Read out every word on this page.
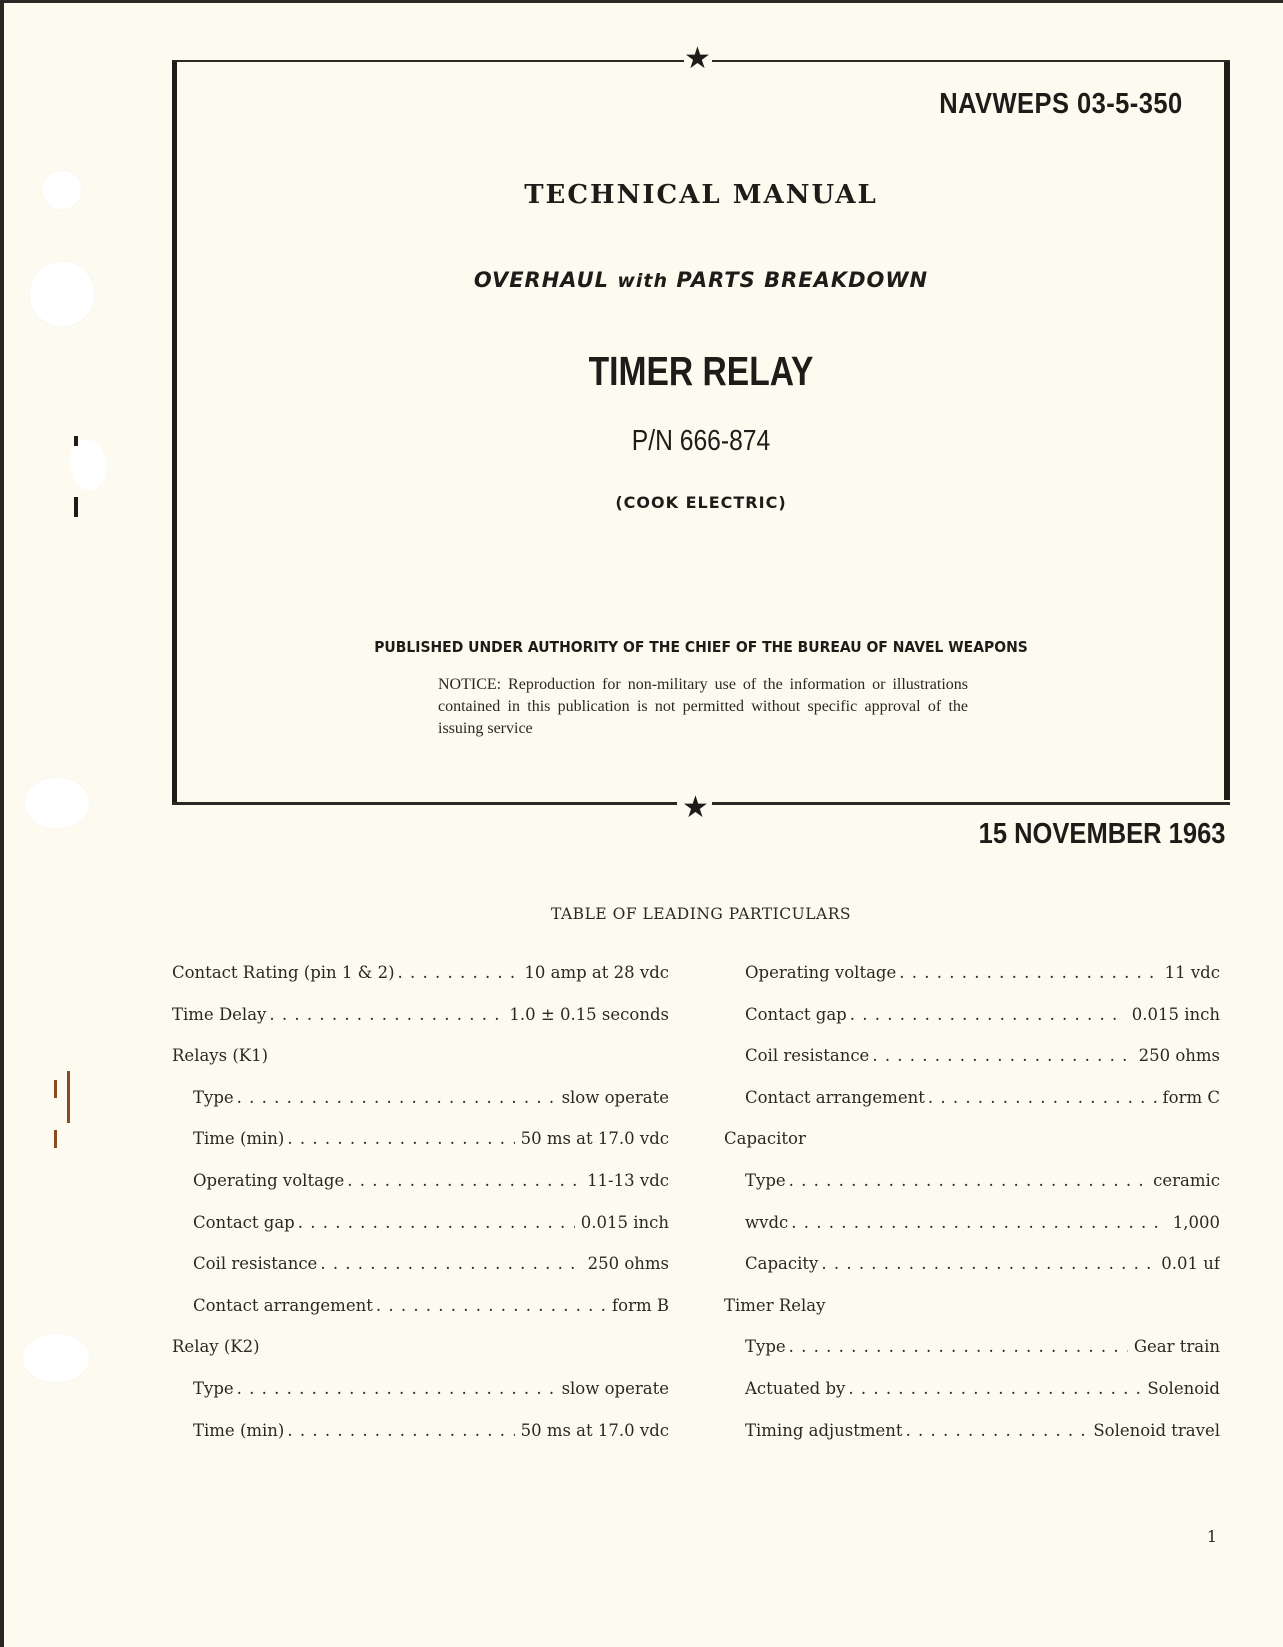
★
★
NAVWEPS 03-5-350
TECHNICAL MANUAL
OVERHAUL with PARTS BREAKDOWN
TIMER RELAY
P/N 666-874
(COOK ELECTRIC)
PUBLISHED UNDER AUTHORITY OF THE CHIEF OF THE BUREAU OF NAVEL WEAPONS
NOTICE: Reproduction for non-military use of the information or illustrations contained in this publication is not permitted without specific approval of the issuing service
15 NOVEMBER 1963
TABLE OF LEADING PARTICULARS
Contact Rating (pin 1 & 2) . . .	10 amp at 28 vdc
Time Delay . . .	1.0 ± 0.15 seconds
Relays (K1)
Type . . .	slow operate
Time (min) . . .	50 ms at 17.0 vdc
Operating voltage . . .	11-13 vdc
Contact gap . . .	0.015 inch
Coil resistance . . .	250 ohms
Contact arrangement . . .	form B
Relay (K2)
Type . . .	slow operate
Time (min) . . .	50 ms at 17.0 vdc
Operating voltage . . .	11 vdc
Contact gap . . .	0.015 inch
Coil resistance . . .	250 ohms
Contact arrangement . . .	form C
Capacitor
Type . . .	ceramic
wvdc . . .	1,000
Capacity . . .	0.01 uf
Timer Relay
Type . . .	Gear train
Actuated by . . .	Solenoid
Timing adjustment . . .	Solenoid travel
1
